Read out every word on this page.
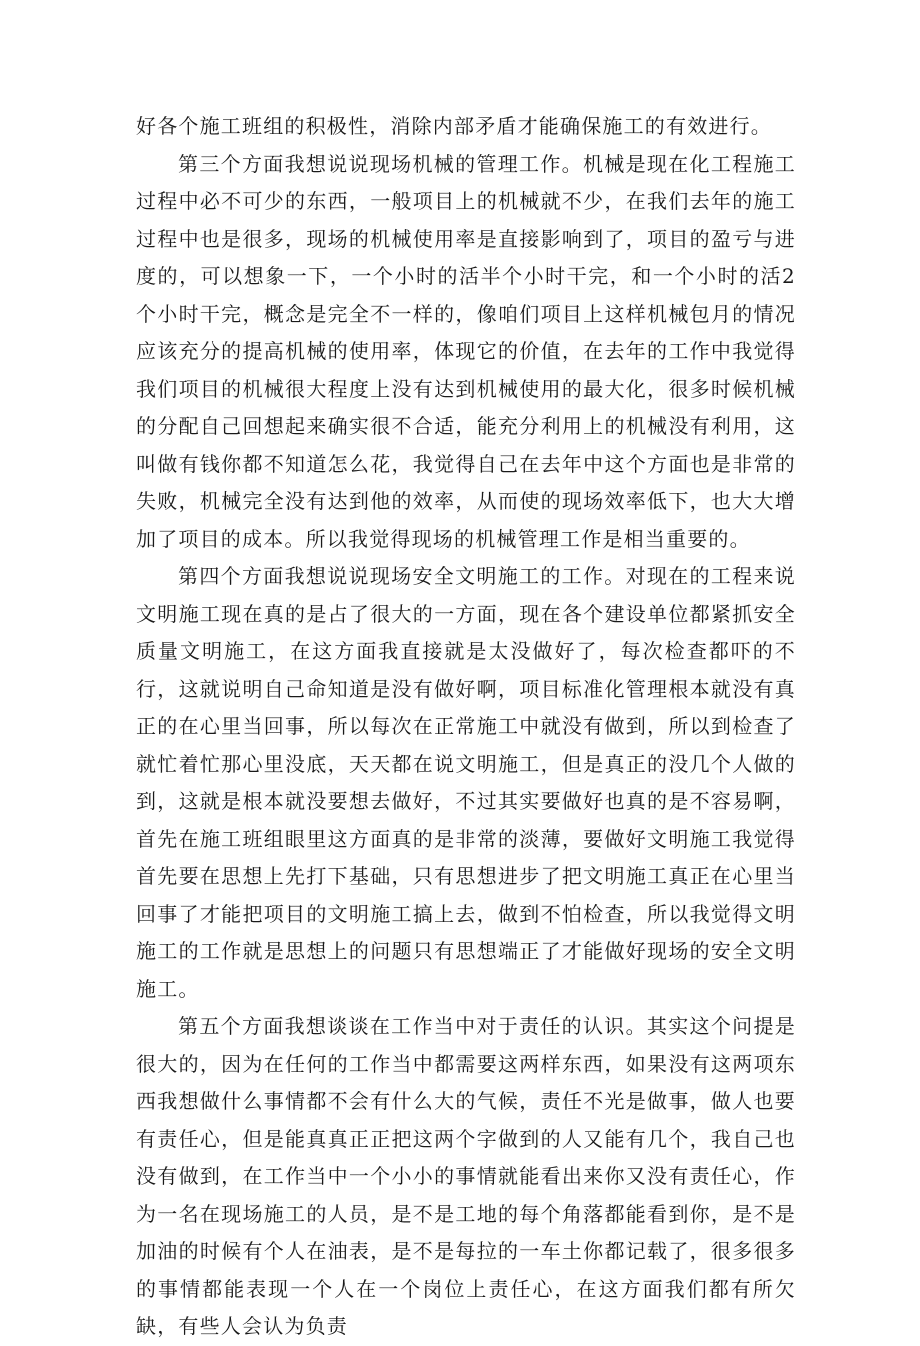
好各个施工班组的积极性，消除内部矛盾才能确保施工的有效进行。

第三个方面我想说说现场机械的管理工作。机械是现在化工程施工过程中必不可少的东西，一般项目上的机械就不少，在我们去年的施工过程中也是很多，现场的机械使用率是直接影响到了，项目的盈亏与进度的，可以想象一下，一个小时的活半个小时干完，和一个小时的活2个小时干完，概念是完全不一样的，像咱们项目上这样机械包月的情况应该充分的提高机械的使用率，体现它的价值，在去年的工作中我觉得我们项目的机械很大程度上没有达到机械使用的最大化，很多时候机械的分配自己回想起来确实很不合适，能充分利用上的机械没有利用，这叫做有钱你都不知道怎么花，我觉得自己在去年中这个方面也是非常的失败，机械完全没有达到他的效率，从而使的现场效率低下，也大大增加了项目的成本。所以我觉得现场的机械管理工作是相当重要的。

第四个方面我想说说现场安全文明施工的工作。对现在的工程来说文明施工现在真的是占了很大的一方面，现在各个建设单位都紧抓安全质量文明施工，在这方面我直接就是太没做好了，每次检查都吓的不行，这就说明自己命知道是没有做好啊，项目标准化管理根本就没有真正的在心里当回事，所以每次在正常施工中就没有做到，所以到检查了就忙着忙那心里没底，天天都在说文明施工，但是真正的没几个人做的到，这就是根本就没要想去做好，不过其实要做好也真的是不容易啊，首先在施工班组眼里这方面真的是非常的淡薄，要做好文明施工我觉得首先要在思想上先打下基础，只有思想进步了把文明施工真正在心里当回事了才能把项目的文明施工搞上去，做到不怕检查，所以我觉得文明施工的工作就是思想上的问题只有思想端正了才能做好现场的安全文明施工。

第五个方面我想谈谈在工作当中对于责任的认识。其实这个问提是很大的，因为在任何的工作当中都需要这两样东西，如果没有这两项东西我想做什么事情都不会有什么大的气候，责任不光是做事，做人也要有责任心，但是能真真正正把这两个字做到的人又能有几个，我自己也没有做到，在工作当中一个小小的事情就能看出来你又没有责任心，作为一名在现场施工的人员，是不是工地的每个角落都能看到你，是不是加油的时候有个人在油表，是不是每拉的一车土你都记载了，很多很多的事情都能表现一个人在一个岗位上责任心，在这方面我们都有所欠缺，有些人会认为负责
